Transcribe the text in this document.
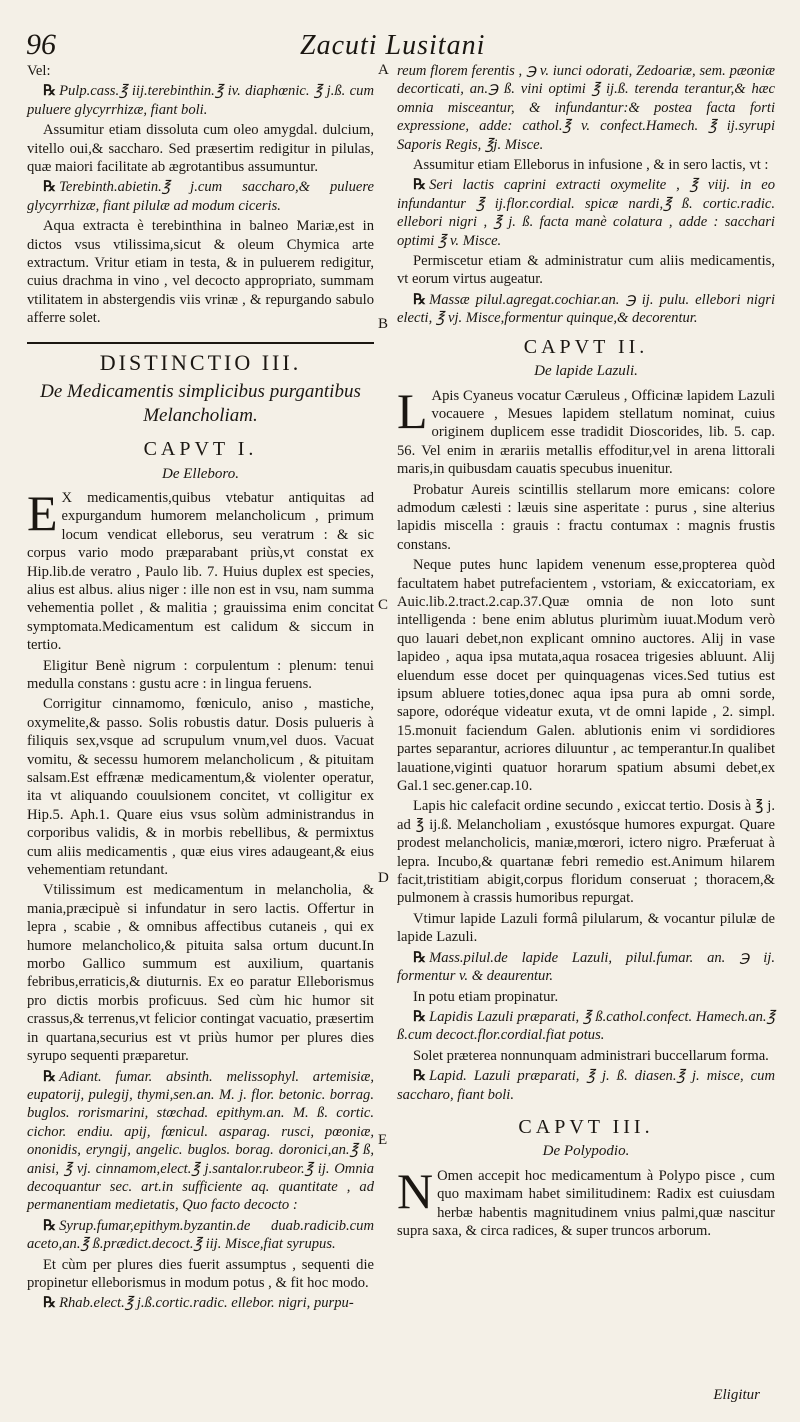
96	Zacuti Lusitani
A
B
C
D
E

Vel:

℞ Pulp.cass.℥ iij.terebinthin.℥ iv. diaphœnic. ℥ j.ß. cum puluere glycyrrhizæ, fiant boli.

Assumitur etiam dissoluta cum oleo amygdal. dulcium, vitello oui,& saccharo. Sed præsertim redigitur in pilulas, quæ maiori facilitate ab ægrotantibus assumuntur.

℞ Terebinth.abietin.℥ j.cum saccharo,& puluere glycyrrhizæ, fiant pilulæ ad modum ciceris.

Aqua extracta è terebinthina in balneo Mariæ,est in dictos vsus vtilissima,sicut & oleum Chymica arte extractum. Vritur etiam in testa, & in puluerem redigitur, cuius drachma in vino , vel decocto appropriato, summam vtilitatem in abstergendis viis vrinæ , & repurgando sabulo afferre solet.

DISTINCTIO III.
De Medicamentis simplicibus purgantibus Melancholiam.
CAPVT I.
De Elleboro.

E X medicamentis,quibus vtebatur antiquitas ad expurgandum humorem melancholicum , primum locum vendicat elleborus, seu veratrum : & sic corpus vario modo præparabant priùs,vt constat ex Hip.lib.de veratro , Paulo lib. 7. Huius duplex est species, alius est albus. alius niger : ille non est in vsu, nam summa vehementia pollet , & malitia ; grauissima enim concitat symptomata.Medicamentum est calidum & siccum in tertio.

Eligitur Benè nigrum : corpulentum : plenum: tenui medulla constans : gustu acre : in lingua feruens.

Corrigitur cinnamomo, fœniculo, aniso , mastiche, oxymelite,& passo. Solis robustis datur. Dosis pulueris à filiquis sex,vsque ad scrupulum vnum,vel duos. Vacuat vomitu, & secessu humorem melancholicum , & pituitam salsam.Est effrænæ medicamentum,& violenter operatur, ita vt aliquando couulsionem concitet, vt colligitur ex Hip.5. Aph.1. Quare eius vsus solùm administrandus in corporibus validis, & in morbis rebellibus, & permixtus cum aliis medicamentis , quæ eius vires adaugeant,& eius vehementiam retundant.

Vtilissimum est medicamentum in melancholia, & mania,præcipuè si infundatur in sero lactis. Offertur in lepra , scabie , & omnibus affectibus cutaneis , qui ex humore melancholico,& pituita salsa ortum ducunt.In morbo Gallico summum est auxilium, quartanis febribus,erraticis,& diuturnis. Ex eo paratur Elleborismus pro dictis morbis proficuus. Sed cùm hic humor sit crassus,& terrenus,vt felicior contingat vacuatio, præsertim in quartana,securius est vt priùs humor per plures dies syrupo sequenti præparetur.

℞ Adiant. fumar. absinth. melissophyl. artemisiæ, eupatorij, pulegij, thymi,sen.an. M. j. flor. betonic. borrag. buglos. rorismarini, stœchad. epithym.an. M. ß. cortic. cichor. endiu. apij, fœnicul. asparag. rusci, pœoniæ, ononidis, eryngij, angelic. buglos. borag. doronici,an.℥ ß, anisi, ℥ vj. cinnamom,elect.℥ j.santalor.rubeor.℥ ij. Omnia decoquantur sec. art.in sufficiente aq. quantitate , ad permanentiam medietatis, Quo facto decocto :

℞ Syrup.fumar,epithym.byzantin.de duab.radicib.cum aceto,an.℥ ß.prædict.decoct.℥ iij. Misce,fiat syrupus.

Et cùm per plures dies fuerit assumptus , sequenti die propinetur elleborismus in modum potus , & fit hoc modo.

℞ Rhab.elect.℥ j.ß.cortic.radic. ellebor. nigri, purpu-

reum florem ferentis , ℈ v. iunci odorati, Zedoariæ, sem. pæoniæ decorticati, an.℈ ß. vini optimi ℥ ij.ß. terenda terantur,& hæc omnia misceantur, & infundantur:& postea facta forti expressione, adde: cathol.℥ v. confect.Hamech. ℥ ij.syrupi Saporis Regis, ℥j. Misce.

Assumitur etiam Elleborus in infusione , & in sero lactis, vt :

℞ Seri lactis caprini extracti oxymelite , ℥ viij. in eo infundantur ℥ ij.flor.cordial. spicæ nardi,℥ ß. cortic.radic. ellebori nigri , ℥ j. ß. facta manè colatura , adde : sacchari optimi ℥ v. Misce.

Permiscetur etiam & administratur cum aliis medicamentis, vt eorum virtus augeatur.

℞ Massæ pilul.agregat.cochiar.an. ℈ ij. pulu. ellebori nigri electi, ℥ vj. Misce,formentur quinque,& decorentur.

CAPVT II.
De lapide Lazuli.

L Apis Cyaneus vocatur Cæruleus , Officinæ lapidem Lazuli vocauere , Mesues lapidem stellatum nominat, cuius originem duplicem esse tradidit Dioscorides, lib. 5. cap. 56. Vel enim in ærariis metallis effoditur,vel in arena littorali maris,in quibusdam cauatis specubus inuenitur.

Probatur Aureis scintillis stellarum more emicans: colore admodum cælesti : læuis sine asperitate : purus , sine alterius lapidis miscella : grauis : fractu contumax : magnis frustis constans.

Neque putes hunc lapidem venenum esse,propterea quòd facultatem habet putrefacientem , vstoriam, & exiccatoriam, ex Auic.lib.2.tract.2.cap.37.Quæ omnia de non loto sunt intelligenda : bene enim ablutus plurimùm iuuat.Modum verò quo lauari debet,non explicant omnino auctores. Alij in vase lapideo , aqua ipsa mutata,aqua rosacea trigesies abluunt. Alij eluendum esse docet per quinquagenas vices.Sed tutius est ipsum abluere toties,donec aqua ipsa pura ab omni sorde, sapore, odoréque videatur exuta, vt de omni lapide , 2. simpl. 15.monuit faciendum Galen. ablutionis enim vi sordidiores partes separantur, acriores diluuntur , ac temperantur.In qualibet lauatione,viginti quatuor horarum spatium absumi debet,ex Gal.1 sec.gener.cap.10.

Lapis hic calefacit ordine secundo , exiccat tertio. Dosis à ℥ j. ad ℥ ij.ß. Melancholiam , exustósque humores expurgat. Quare prodest melancholicis, maniæ,mœrori, ictero nigro. Præferuat à lepra. Incubo,& quartanæ febri remedio est.Animum hilarem facit,tristitiam abigit,corpus floridum conseruat ; thoracem,& pulmonem à crassis humoribus repurgat.

Vtimur lapide Lazuli formâ pilularum, & vocantur pilulæ de lapide Lazuli.

℞ Mass.pilul.de lapide Lazuli, pilul.fumar. an. ℈ ij. formentur v. & deaurentur.

In potu etiam propinatur.

℞ Lapidis Lazuli præparati, ℥ ß.cathol.confect. Hamech.an.℥ ß.cum decoct.flor.cordial.fiat potus.

Solet præterea nonnunquam administrari buccellarum forma.

℞ Lapid. Lazuli præparati, ℥ j. ß. diasen.℥ j. misce, cum saccharo, fiant boli.

CAPVT III.
De Polypodio.

N Omen accepit hoc medicamentum à Polypo pisce , cum quo maximam habet similitudinem: Radix est cuiusdam herbæ habentis magnitudinem vnius palmi,quæ nascitur supra saxa, & circa radices, & super truncos arborum.

Eligitur
